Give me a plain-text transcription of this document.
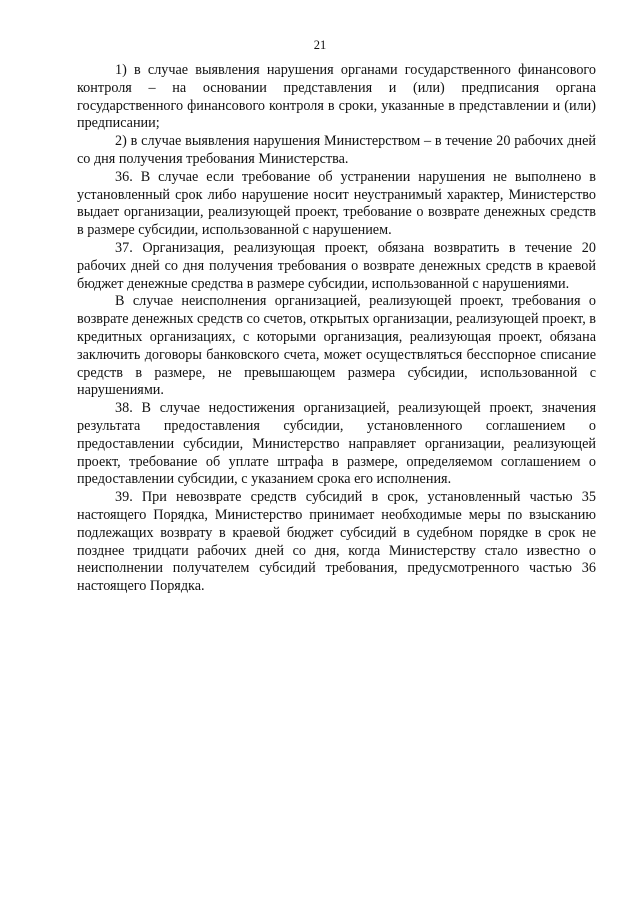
21

1) в случае выявления нарушения органами государственного финансового контроля – на основании представления и (или) предписания органа государственного финансового контроля в сроки, указанные в представлении и (или) предписании;

2) в случае выявления нарушения Министерством – в течение 20 рабочих дней со дня получения требования Министерства.

36. В случае если требование об устранении нарушения не выполнено в установленный срок либо нарушение носит неустранимый характер, Министерство выдает организации, реализующей проект, требование о возврате денежных средств в размере субсидии, использованной с нарушением.

37. Организация, реализующая проект, обязана возвратить в течение 20 рабочих дней со дня получения требования о возврате денежных средств в краевой бюджет денежные средства в размере субсидии, использованной с нарушениями.

В случае неисполнения организацией, реализующей проект, требования о возврате денежных средств со счетов, открытых организации, реализующей проект, в кредитных организациях, с которыми организация, реализующая проект, обязана заключить договоры банковского счета, может осуществляться бесспорное списание средств в размере, не превышающем размера субсидии, использованной с нарушениями.

38. В случае недостижения организацией, реализующей проект, значения результата предоставления субсидии, установленного соглашением о предоставлении субсидии, Министерство направляет организации, реализующей проект, требование об уплате штрафа в размере, определяемом соглашением о предоставлении субсидии, с указанием срока его исполнения.

39. При невозврате средств субсидий в срок, установленный частью 35 настоящего Порядка, Министерство принимает необходимые меры по взысканию подлежащих возврату в краевой бюджет субсидий в судебном порядке в срок не позднее тридцати рабочих дней со дня, когда Министерству стало известно о неисполнении получателем субсидий требования, предусмотренного частью 36 настоящего Порядка.
